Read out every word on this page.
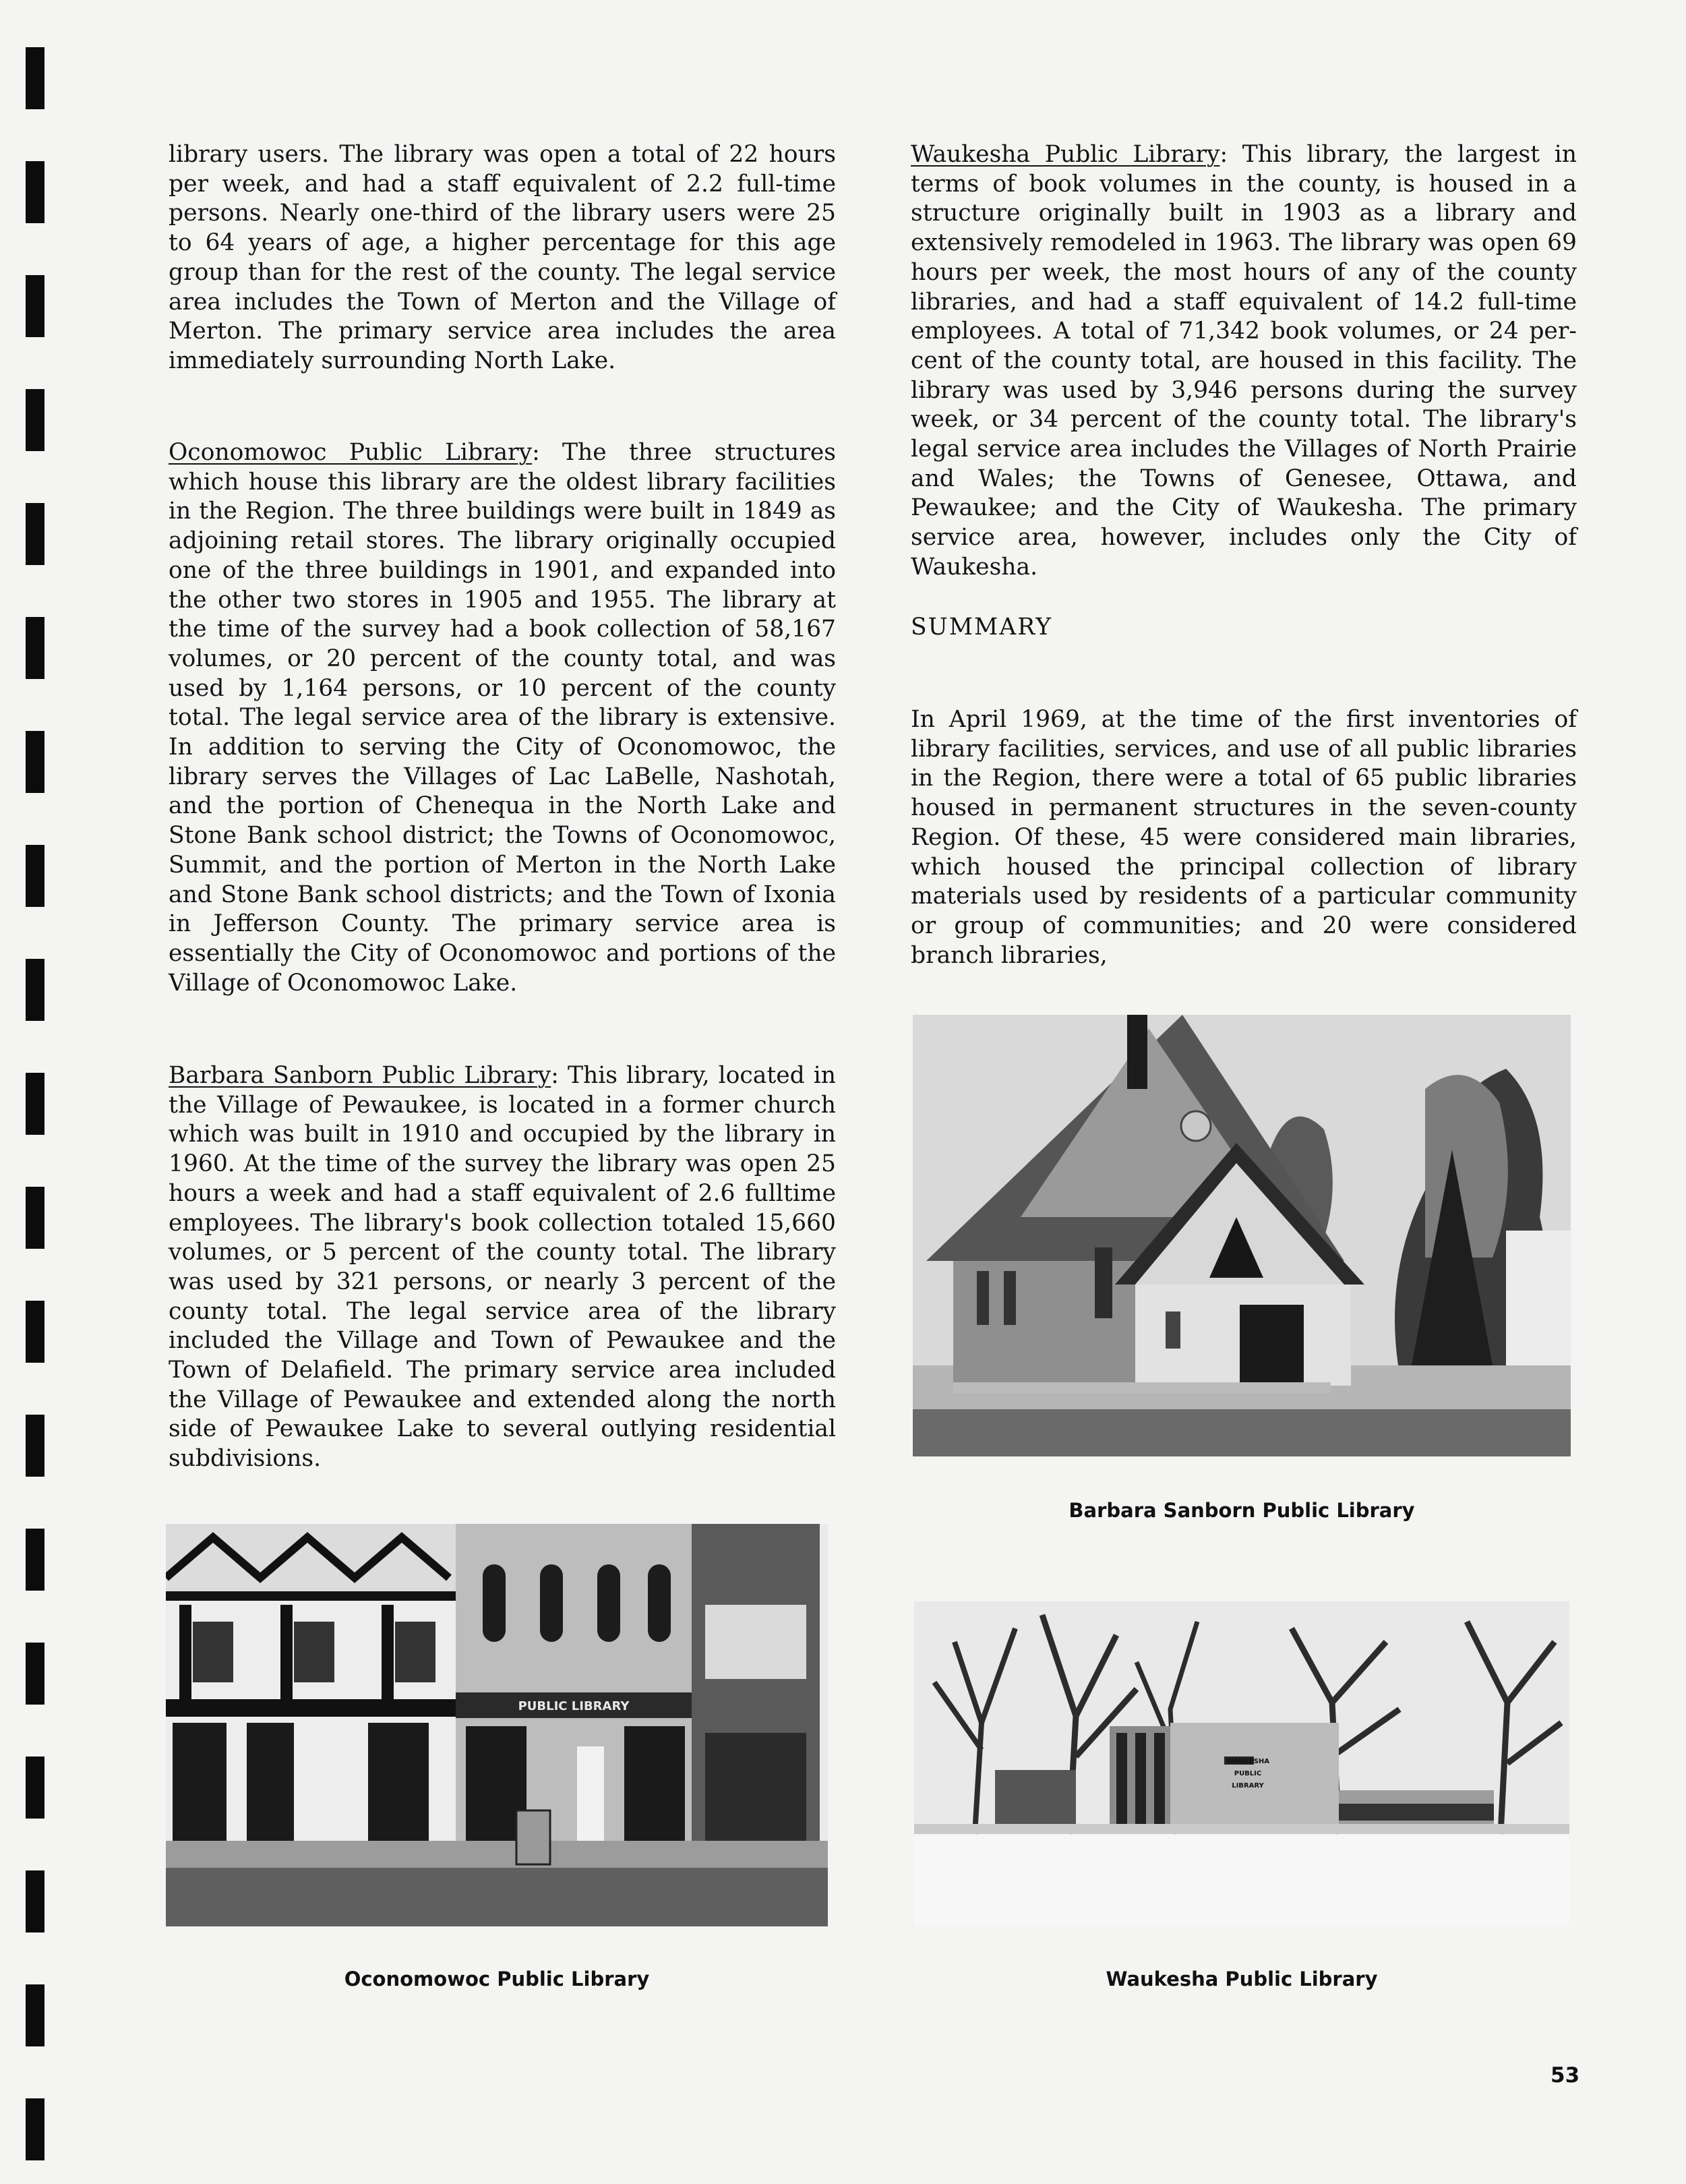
library users. The library was open a total of 22 hours per week, and had a staff equivalent of 2.2 full-time persons. Nearly one-third of the library users were 25 to 64 years of age, a higher percentage for this age group than for the rest of the county. The legal service area includes the Town of Merton and the Village of Merton. The primary service area includes the area immediately surrounding North Lake.

Oconomowoc Public Library: The three structures which house this library are the oldest library facilities in the Region. The three buildings were built in 1849 as adjoining retail stores. The library originally occupied one of the three buildings in 1901, and expanded into the other two stores in 1905 and 1955. The library at the time of the survey had a book collection of 58,167 volumes, or 20 percent of the county total, and was used by 1,164 persons, or 10 percent of the county total. The legal service area of the library is extensive. In addition to serving the City of Oconomowoc, the library serves the Villages of Lac LaBelle, Nashotah, and the portion of Chenequa in the North Lake and Stone Bank school district; the Towns of Oconomowoc, Summit, and the portion of Merton in the North Lake and Stone Bank school districts; and the Town of Ixonia in Jefferson County. The primary service area is essentially the City of Oconomowoc and portions of the Village of Oconomowoc Lake.

Barbara Sanborn Public Library: This library, located in the Village of Pewaukee, is located in a former church which was built in 1910 and occupied by the library in 1960. At the time of the survey the library was open 25 hours a week and had a staff equivalent of 2.6 fulltime employees. The library's book collection totaled 15,660 volumes, or 5 percent of the county total. The library was used by 321 persons, or nearly 3 percent of the county total. The legal service area of the library included the Village and Town of Pewaukee and the Town of Delafield. The primary service area included the Village of Pewaukee and extended along the north side of Pewaukee Lake to several outlying residential subdivisions.

Waukesha Public Library: This library, the largest in terms of book volumes in the county, is housed in a structure originally built in 1903 as a library and extensively remodeled in 1963. The library was open 69 hours per week, the most hours of any of the county libraries, and had a staff equivalent of 14.2 full-time employees. A total of 71,342 book volumes, or 24 percent of the county total, are housed in this facility. The library was used by 3,946 persons during the survey week, or 34 percent of the county total. The library's legal service area includes the Villages of North Prairie and Wales; the Towns of Genesee, Ottawa, and Pewaukee; and the City of Waukesha. The primary service area, however, includes only the City of Waukesha.

SUMMARY

In April 1969, at the time of the first inventories of library facilities, services, and use of all public libraries in the Region, there were a total of 65 public libraries housed in permanent structures in the seven-county Region. Of these, 45 were considered main libraries, which housed the principal collection of library materials used by residents of a particular community or group of communities; and 20 were considered branch libraries,

Barbara Sanborn Public Library
PUBLIC LIBRARY
Oconomowoc Public Library
WAUKESHA
PUBLIC
LIBRARY
Waukesha Public Library
53
